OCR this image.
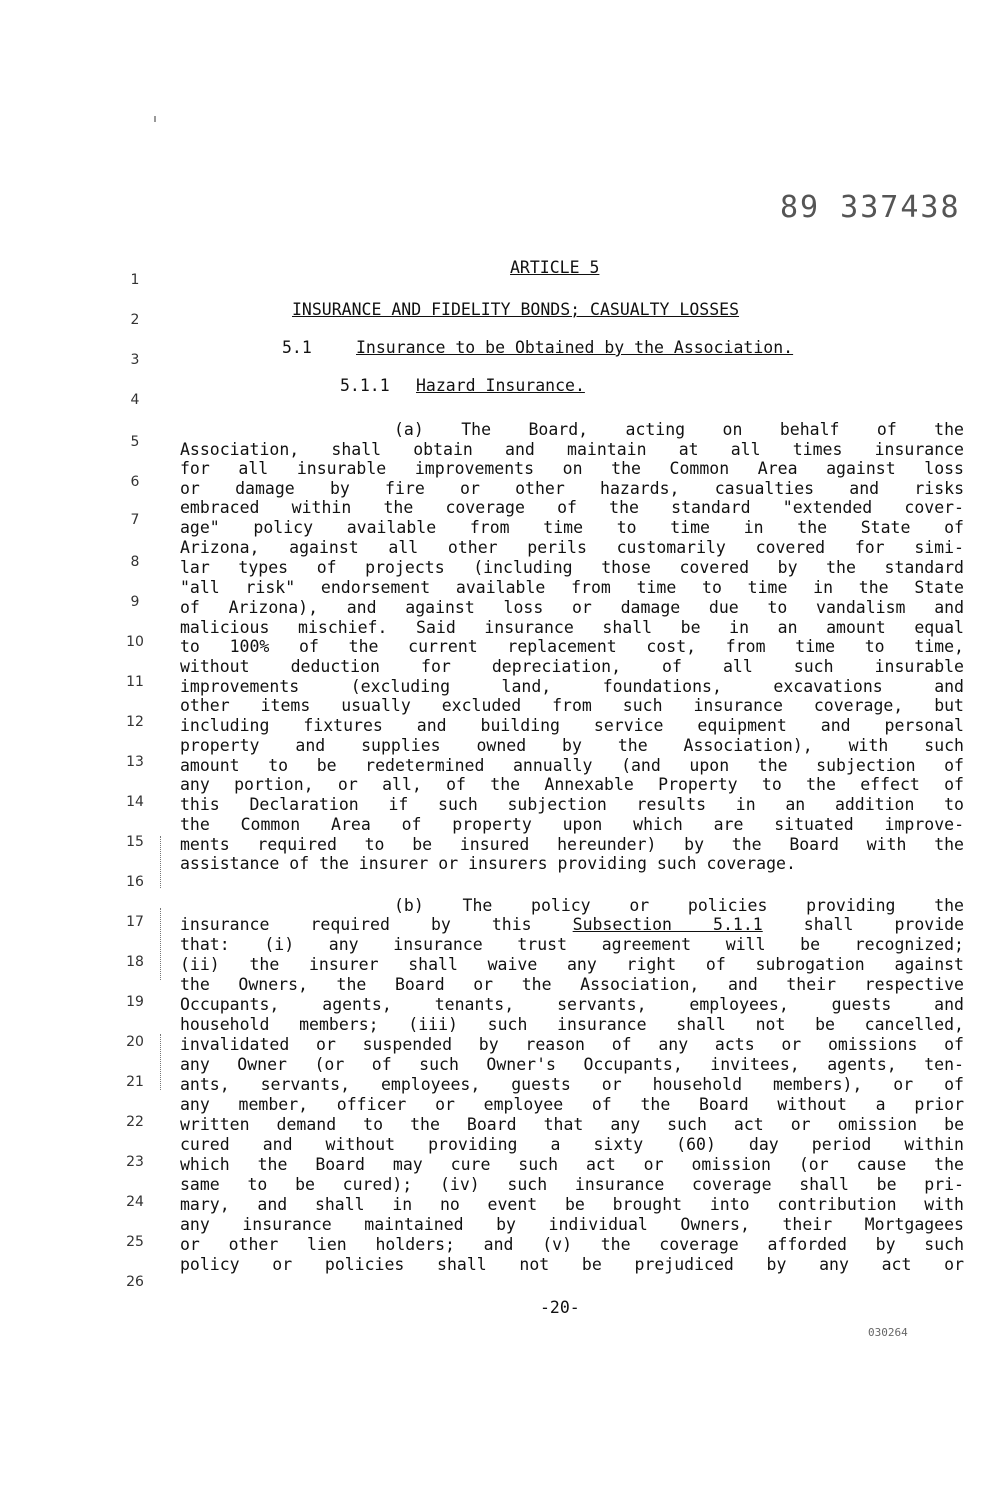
89 337438
ARTICLE 5
INSURANCE AND FIDELITY BONDS; CASUALTY LOSSES
5.1	Insurance to be Obtained by the Association.
5.1.1 Hazard Insurance.
(a) The Board, acting on behalf of the
Association, shall obtain and maintain at all times insurance
for all insurable improvements on the Common Area against loss
or damage by fire or other hazards, casualties and risks
embraced within the coverage of the standard "extended cover-
age" policy available from time to time in the State of
Arizona, against all other perils customarily covered for simi-
lar types of projects (including those covered by the standard
"all risk" endorsement available from time to time in the State
of Arizona), and against loss or damage due to vandalism and
malicious mischief. Said insurance shall be in an amount equal
to 100% of the current replacement cost, from time to time,
without deduction for depreciation, of all such insurable
improvements (excluding land, foundations, excavations and
other items usually excluded from such insurance coverage, but
including fixtures and building service equipment and personal
property and supplies owned by the Association), with such
amount to be redetermined annually (and upon the subjection of
any portion, or all, of the Annexable Property to the effect of
this Declaration if such subjection results in an addition to
the Common Area of property upon which are situated improve-
ments required to be insured hereunder) by the Board with the
assistance of the insurer or insurers providing such coverage.
(b) The policy or policies providing the
insurance required by this Subsection 5.1.1 shall provide
that: (i) any insurance trust agreement will be recognized;
(ii) the insurer shall waive any right of subrogation against
the Owners, the Board or the Association, and their respective
Occupants, agents, tenants, servants, employees, guests and
household members; (iii) such insurance shall not be cancelled,
invalidated or suspended by reason of any acts or omissions of
any Owner (or of such Owner's Occupants, invitees, agents, ten-
ants, servants, employees, guests or household members), or of
any member, officer or employee of the Board without a prior
written demand to the Board that any such act or omission be
cured and without providing a sixty (60) day period within
which the Board may cure such act or omission (or cause the
same to be cured); (iv) such insurance coverage shall be pri-
mary, and shall in no event be brought into contribution with
any insurance maintained by individual Owners, their Mortgagees
or other lien holders; and (v) the coverage afforded by such
policy or policies shall not be prejudiced by any act or
1
2
3
4
5
6
7
8
9
10
11
12
13
14
15
16
17
18
19
20
21
22
23
24
25
26
-20-
030264
